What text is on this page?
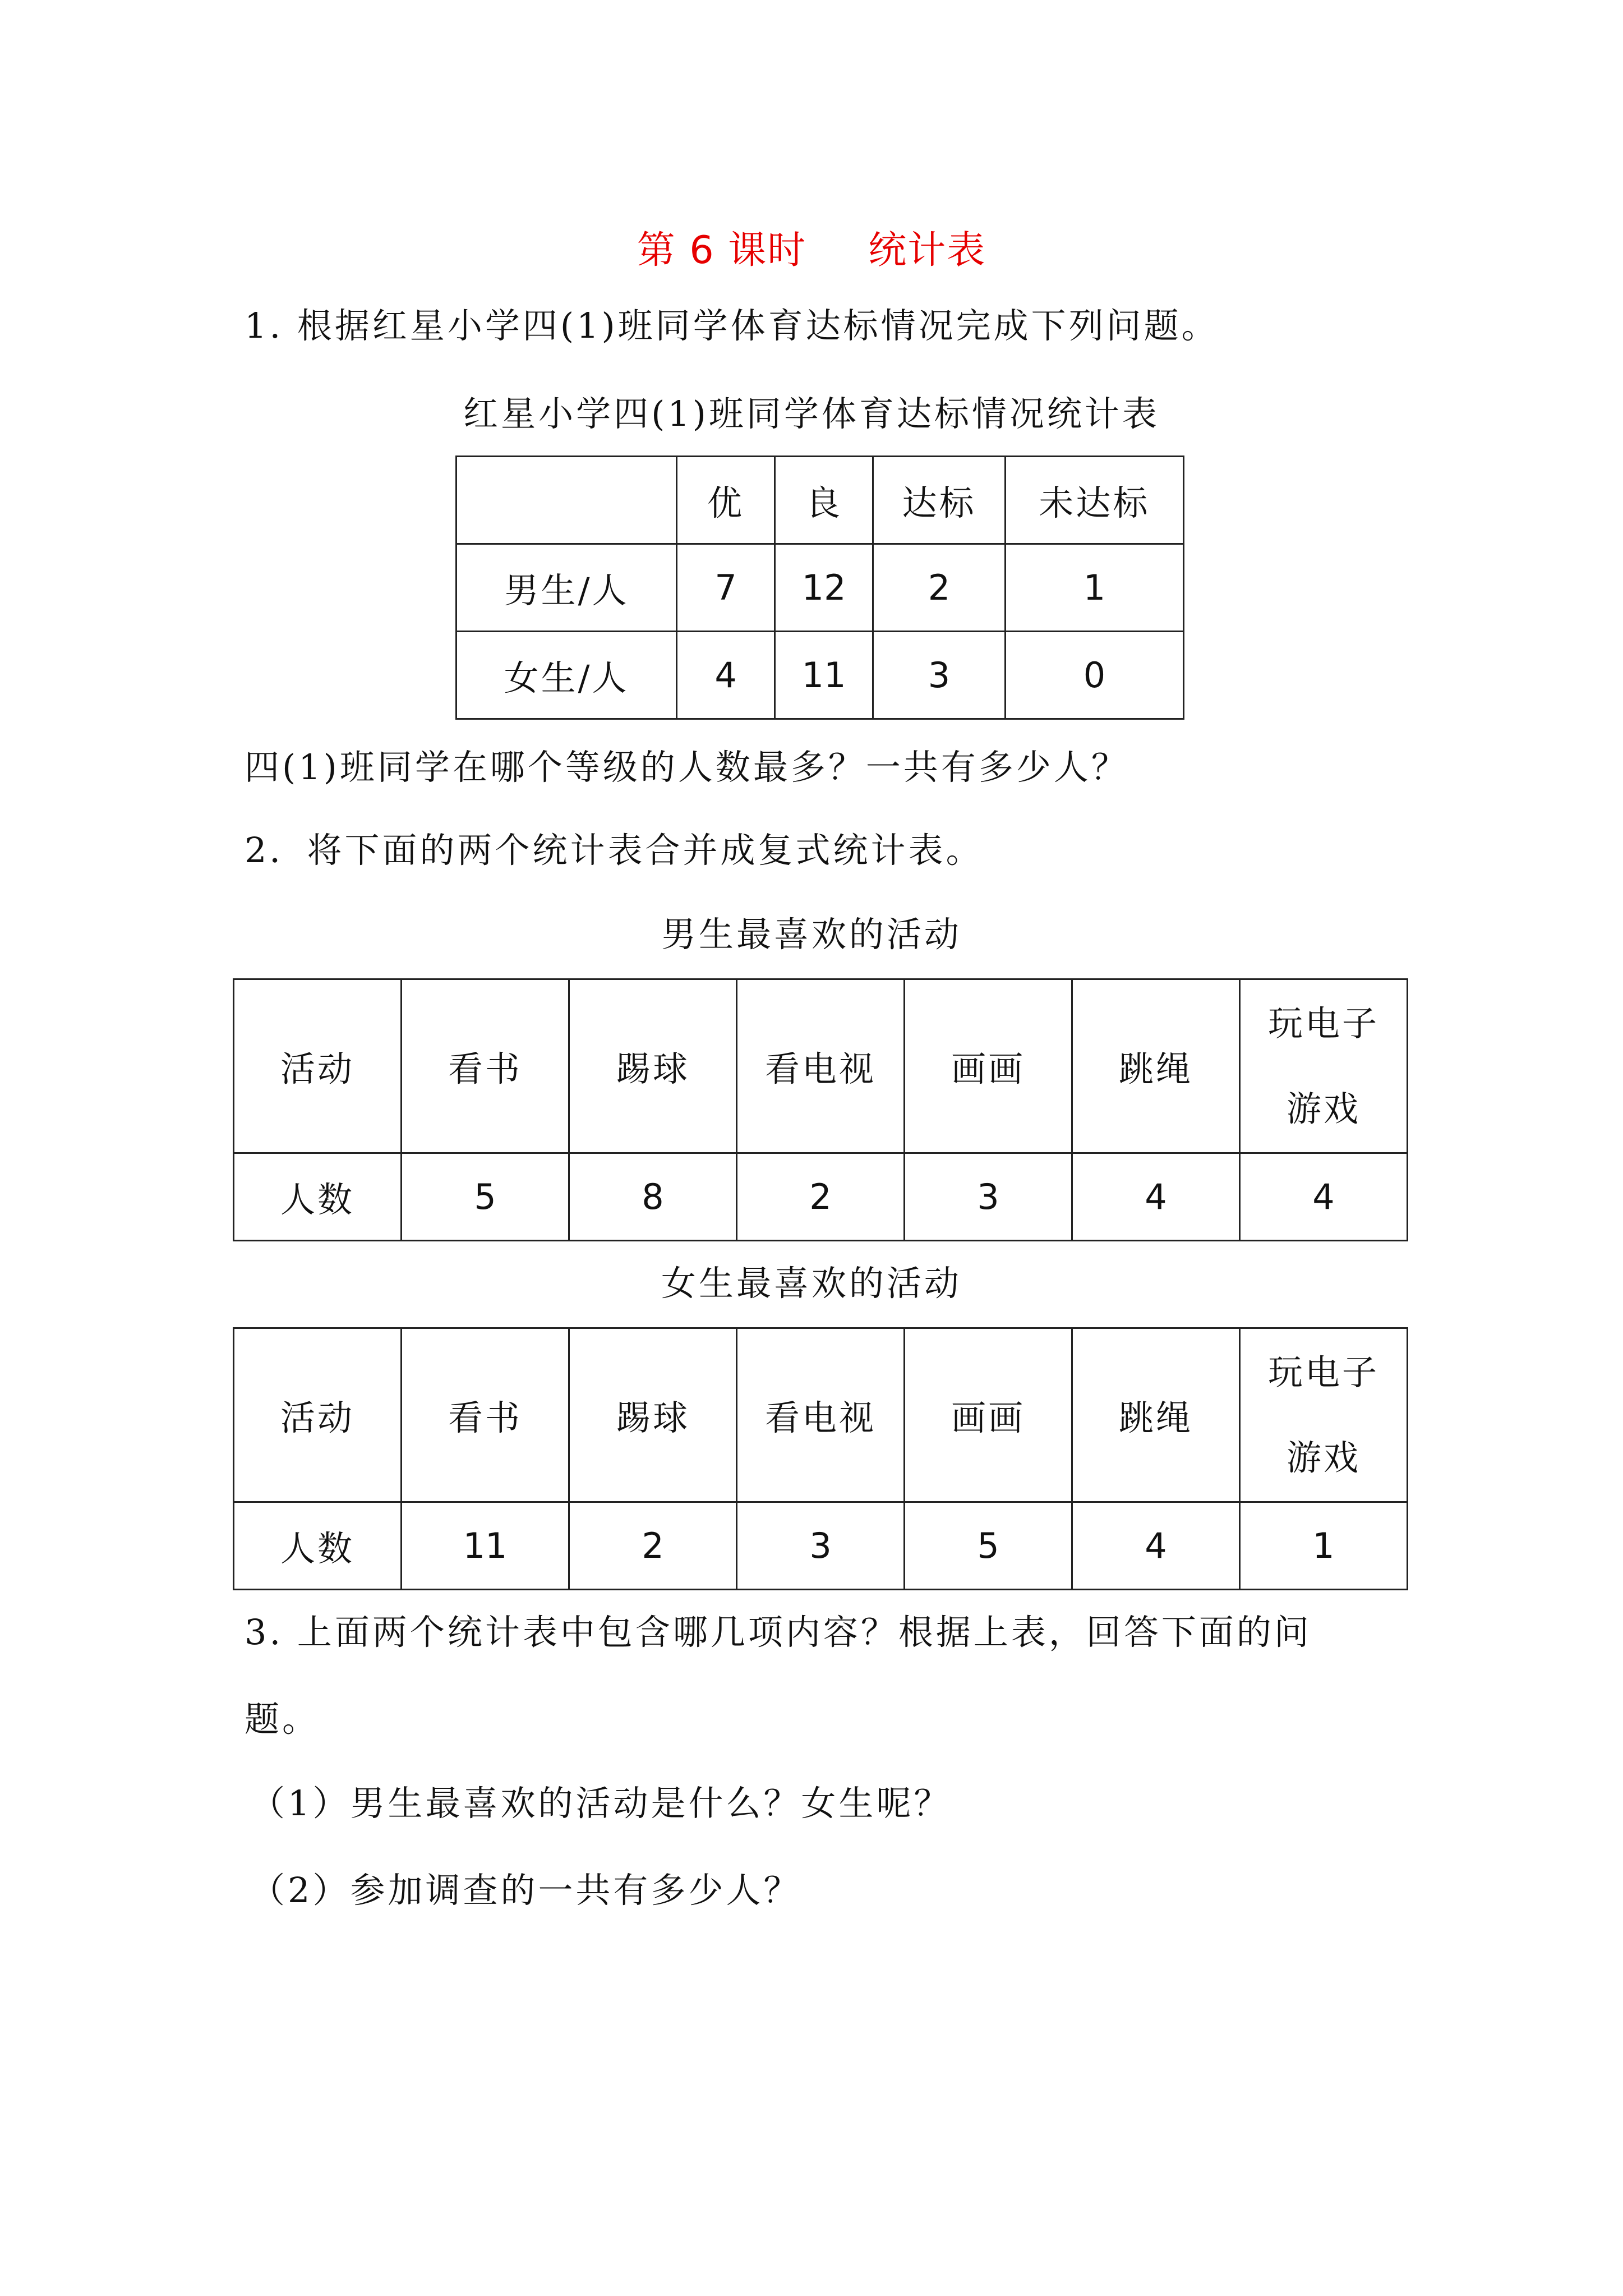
第 6 课时 统计表
1. 根据红星小学四(1)班同学体育达标情况完成下列问题。
红星小学四(1)班同学体育达标情况统计表
	优	良	达标	未达标
男生/人	7	12	2	1
女生/人	4	11	3	0
四(1)班同学在哪个等级的人数最多？一共有多少人？
2．将下面的两个统计表合并成复式统计表。
男生最喜欢的活动
活动	看书	踢球	看电视	画画	跳绳	玩电子
游戏

人数	5	8	2	3	4	4
女生最喜欢的活动
活动	看书	踢球	看电视	画画	跳绳	玩电子
游戏

人数	11	2	3	5	4	1
3. 上面两个统计表中包含哪几项内容？根据上表，回答下面的问
题。
（1）男生最喜欢的活动是什么？女生呢？
（2）参加调查的一共有多少人？
